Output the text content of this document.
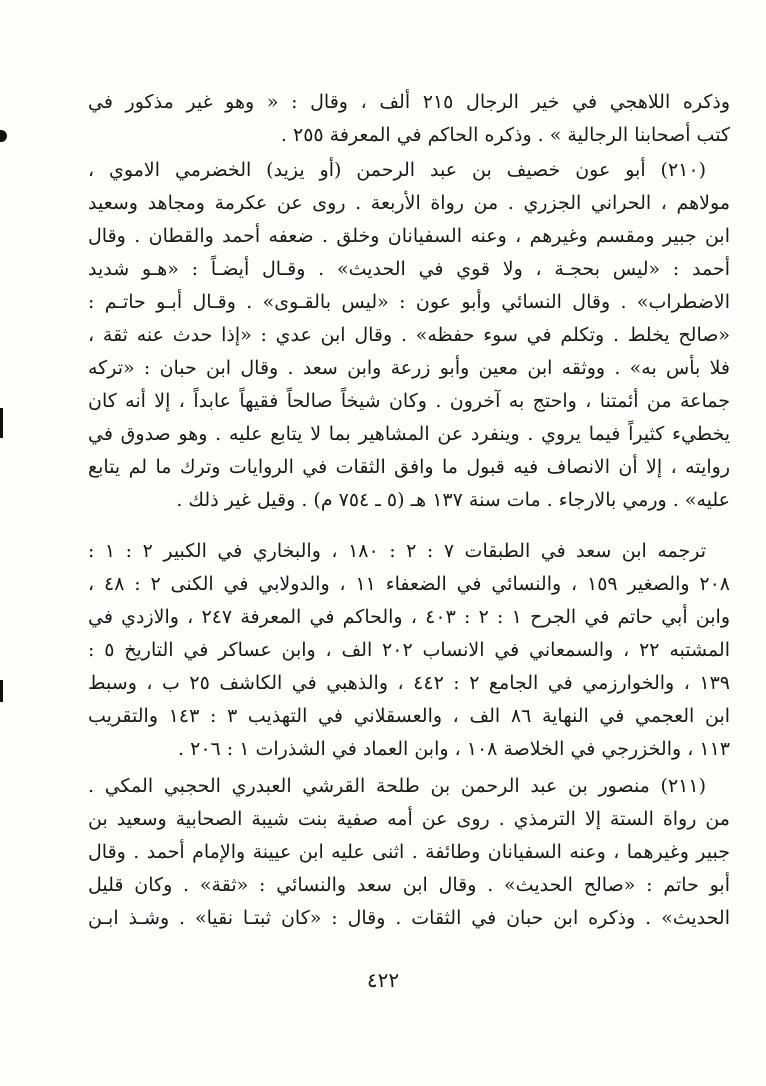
وذكره اللاهجي في خير الرجال ٢١٥ ألف ، وقال : « وهو غير مذكور في
كتب أصحابنا الرجالية » . وذكره الحاكم في المعرفة ٢٥٥ .
(٢١٠) أبو عون خصيف بن عبد الرحمن (أو يزيد) الخضرمي الاموي ،
مولاهم ، الحراني الجزري . من رواة الأربعة . روى عن عكرمة ومجاهد وسعيد
ابن جبير ومقسم وغيرهم ، وعنه السفيانان وخلق . ضعفه أحمد والقطان . وقال
أحمد : «ليس بحجـة ، ولا قوي في الحديث» . وقـال أيضـاً : «هـو شديد
الاضطراب» . وقال النسائي وأبو عون : «ليس بالقـوى» . وقـال أبـو حاتـم :
«صالح يخلط . وتكلم في سوء حفظه» . وقال ابن عدي : «إذا حدث عنه ثقة ،
فلا بأس به» . ووثقه ابن معين وأبو زرعة وابن سعد . وقال ابن حبان : «تركه
جماعة من أئمتنا ، واحتج به آخرون . وكان شيخاً صالحاً فقيهاً عابداً ، إلا أنه كان
يخطيء كثيراً فيما يروي . وينفرد عن المشاهير بما لا يتابع عليه . وهو صدوق في
روايته ، إلا أن الانصاف فيه قبول ما وافق الثقات في الروايات وترك ما لم يتابع
عليه» . ورمي بالارجاء . مات سنة ١٣٧ هـ (٥ ـ ٧٥٤ م) . وقيل غير ذلك .
ترجمه ابن سعد في الطبقات ٧ : ٢ : ١٨٠ ، والبخاري في الكبير ٢ : ١ :
٢٠٨ والصغير ١٥٩ ، والنسائي في الضعفاء ١١ ، والدولابي في الكنى ٢ : ٤٨ ،
وابن أبي حاتم في الجرح ١ : ٢ : ٤٠٣ ، والحاكم في المعرفة ٢٤٧ ، والازدي في
المشتبه ٢٢ ، والسمعاني في الانساب ٢٠٢ الف ، وابن عساكر في التاريخ ٥ :
١٣٩ ، والخوارزمي في الجامع ٢ : ٤٤٢ ، والذهبي في الكاشف ٢٥ ب ، وسبط
ابن العجمي في النهاية ٨٦ الف ، والعسقلاني في التهذيب ٣ : ١٤٣ والتقريب
١١٣ ، والخزرجي في الخلاصة ١٠٨ ، وابن العماد في الشذرات ١ : ٢٠٦ .
(٢١١) منصور بن عبد الرحمن بن طلحة القرشي العبدري الحجبي المكي .
من رواة الستة إلا الترمذي . روى عن أمه صفية بنت شيبة الصحابية وسعيد بن
جبير وغيرهما ، وعنه السفيانان وطائفة . اثنى عليه ابن عيينة والإمام أحمد . وقال
أبو حاتم : «صالح الحديث» . وقال ابن سعد والنسائي : «ثقة» . وكان قليل
الحديث» . وذكره ابن حبان في الثقات . وقال : «كان ثبتـا نقيا» . وشـذ ابـن
٤٢٢
